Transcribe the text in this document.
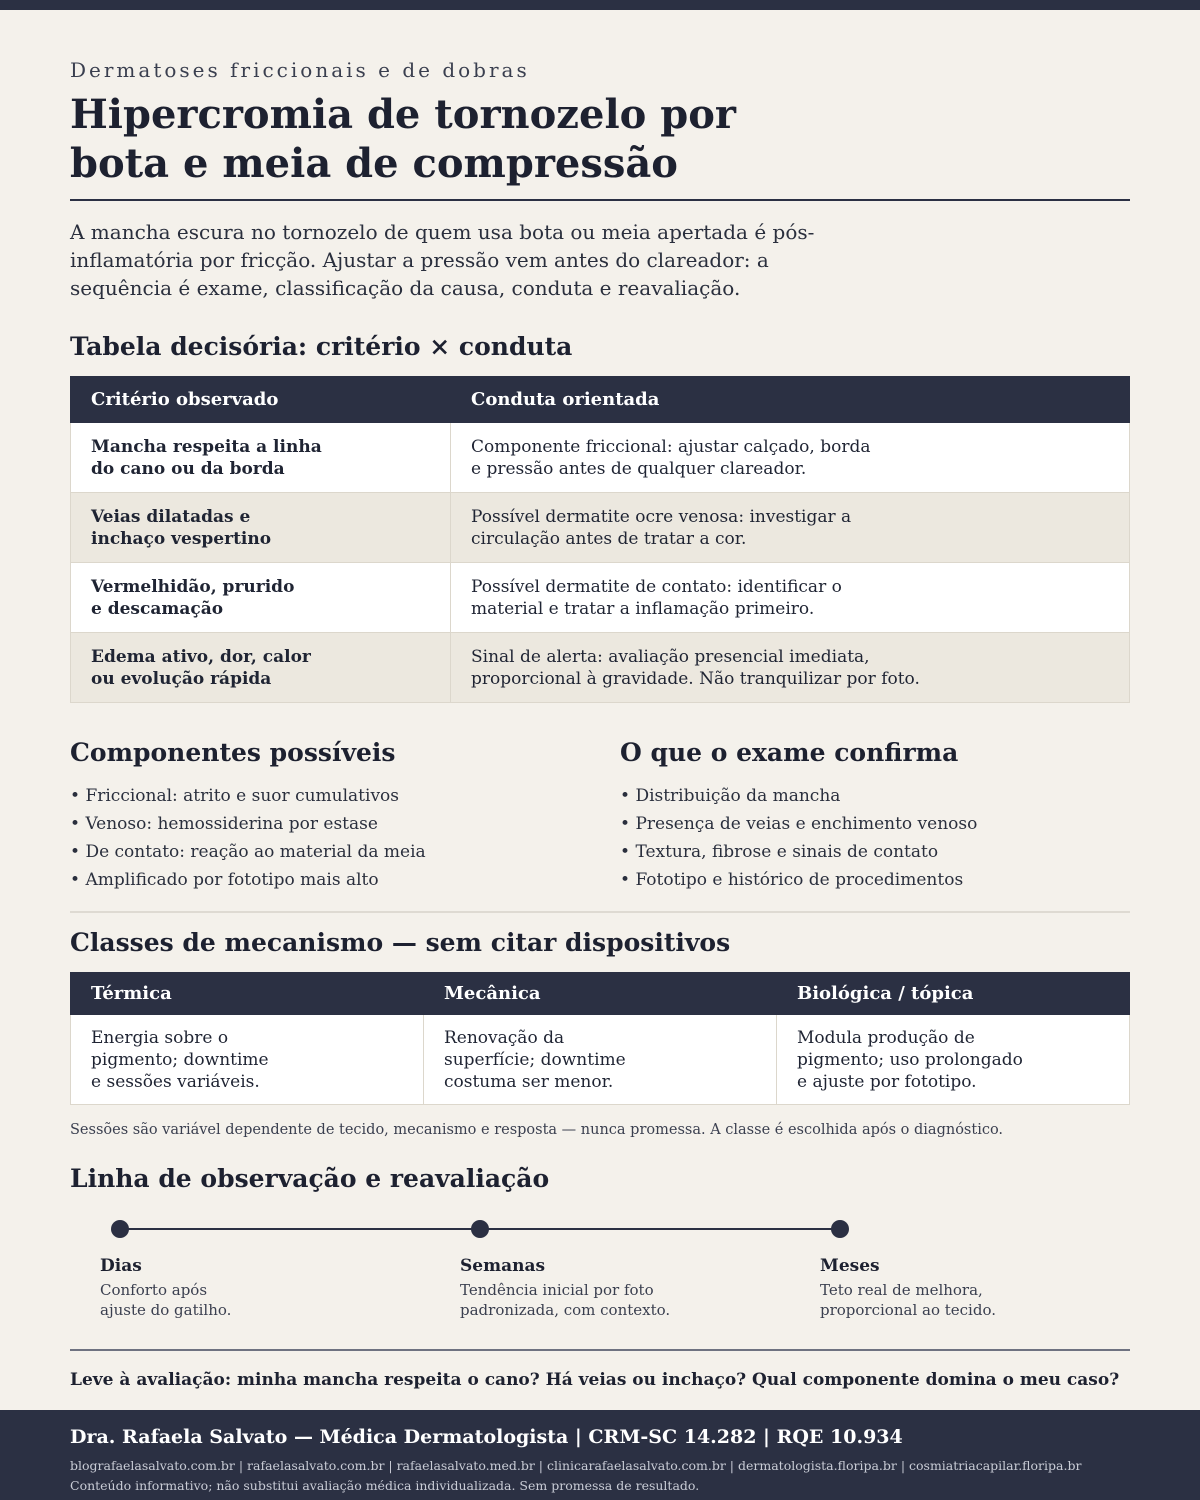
Dermatoses friccionais e de dobras
Hipercromia de tornozelo por bota e meia de compressão

A mancha escura no tornozelo de quem usa bota ou meia apertada é pós-inflamatória por fricção. Ajustar a pressão vem antes do clareador: a sequência é exame, classificação da causa, conduta e reavaliação.

Tabela decisória: critério × conduta
Critério observado	Conduta orientada

Mancha respeita a linha do cano ou da borda	Componente friccional: ajustar calçado, borda e pressão antes de qualquer clareador.

Veias dilatadas e inchaço vespertino	Possível dermatite ocre venosa: investigar a circulação antes de tratar a cor.

Vermelhidão, prurido e descamação	Possível dermatite de contato: identificar o material e tratar a inflamação primeiro.

Edema ativo, dor, calor ou evolução rápida	Sinal de alerta: avaliação presencial imediata, proporcional à gravidade. Não tranquilizar por foto.
Componentes possíveis
• Friccional: atrito e suor cumulativos
• Venoso: hemossiderina por estase
• De contato: reação ao material da meia
• Amplificado por fototipo mais alto
O que o exame confirma
• Distribuição da mancha
• Presença de veias e enchimento venoso
• Textura, fibrose e sinais de contato
• Fototipo e histórico de procedimentos
Classes de mecanismo — sem citar dispositivos
Térmica	Mecânica	Biológica / tópica

Energia sobre o pigmento; downtime e sessões variáveis.	Renovação da superfície; downtime costuma ser menor.	Modula produção de pigmento; uso prolongado e ajuste por fototipo.

Sessões são variável dependente de tecido, mecanismo e resposta — nunca promessa. A classe é escolhida após o diagnóstico.

Linha de observação e reavaliação
Dias
Conforto após ajuste do gatilho.
Semanas
Tendência inicial por foto padronizada, com contexto.
Meses
Teto real de melhora, proporcional ao tecido.

Leve à avaliação: minha mancha respeita o cano? Há veias ou inchaço? Qual componente domina o meu caso?

Dra. Rafaela Salvato — Médica Dermatologista | CRM-SC 14.282 | RQE 10.934
blografaelasalvato.com.br | rafaelasalvato.com.br | rafaelasalvato.med.br | clinicarafaelasalvato.com.br | dermatologista.floripa.br | cosmiatriacapilar.floripa.br
Conteúdo informativo; não substitui avaliação médica individualizada. Sem promessa de resultado.
